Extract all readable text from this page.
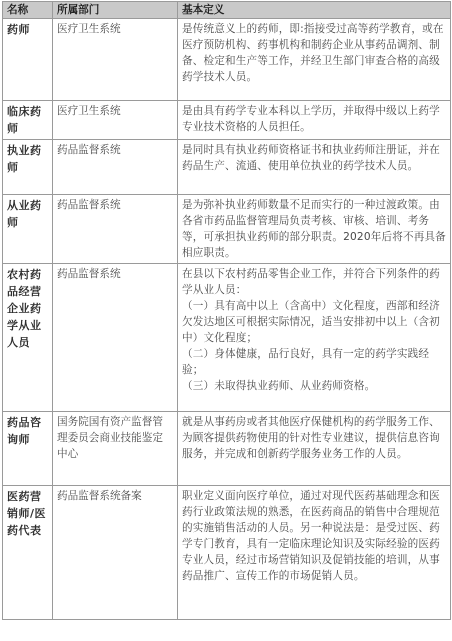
名称	所属部门	基本定义
药师	医疗卫生系统	是传统意义上的药师，即:指接受过高等药学教育，或在医疗预防机构、药事机构和制药企业从事药品调剂、制备、检定和生产等工作，并经卫生部门审查合格的高级药学技术人员。

临床药师	医疗卫生系统	是由具有药学专业本科以上学历，并取得中级以上药学专业技术资格的人员担任。

执业药师	药品监督系统	是同时具有执业药师资格证书和执业药师注册证，并在药品生产、流通、使用单位执业的药学技术人员。

从业药师	药品监督系统	是为弥补执业药师数量不足而实行的一种过渡政策。由各省市药品监督管理局负责考核、审核、培训、考务等，可承担执业药师的部分职责。2020年后将不再具备相应职责。

农村药品经营企业药学从业人员	药品监督系统	在县以下农村药品零售企业工作，并符合下列条件的药学从业人员：
（一）具有高中以上（含高中）文化程度，西部和经济欠发达地区可根据实际情况，适当安排初中以上（含初中）文化程度；
（二）身体健康，品行良好，具有一定的药学实践经验；
（三）未取得执业药师、从业药师资格。

药品咨询师	国务院国有资产监督管理委员会商业技能鉴定中心	就是从事药房或者其他医疗保健机构的药学服务工作、为顾客提供药物使用的针对性专业建议，提供信息咨询服务，并完成和创新药学服务业务工作的人员。

医药营销师/医药代表	药品监督系统备案	职业定义面向医疗单位，通过对现代医药基础理念和医药行业政策法规的熟悉，在医药商品的销售中合理规范的实施销售活动的人员。另一种说法是：是受过医、药学专门教育，具有一定临床理论知识及实际经验的医药专业人员，经过市场营销知识及促销技能的培训，从事药品推广、宣传工作的市场促销人员。
